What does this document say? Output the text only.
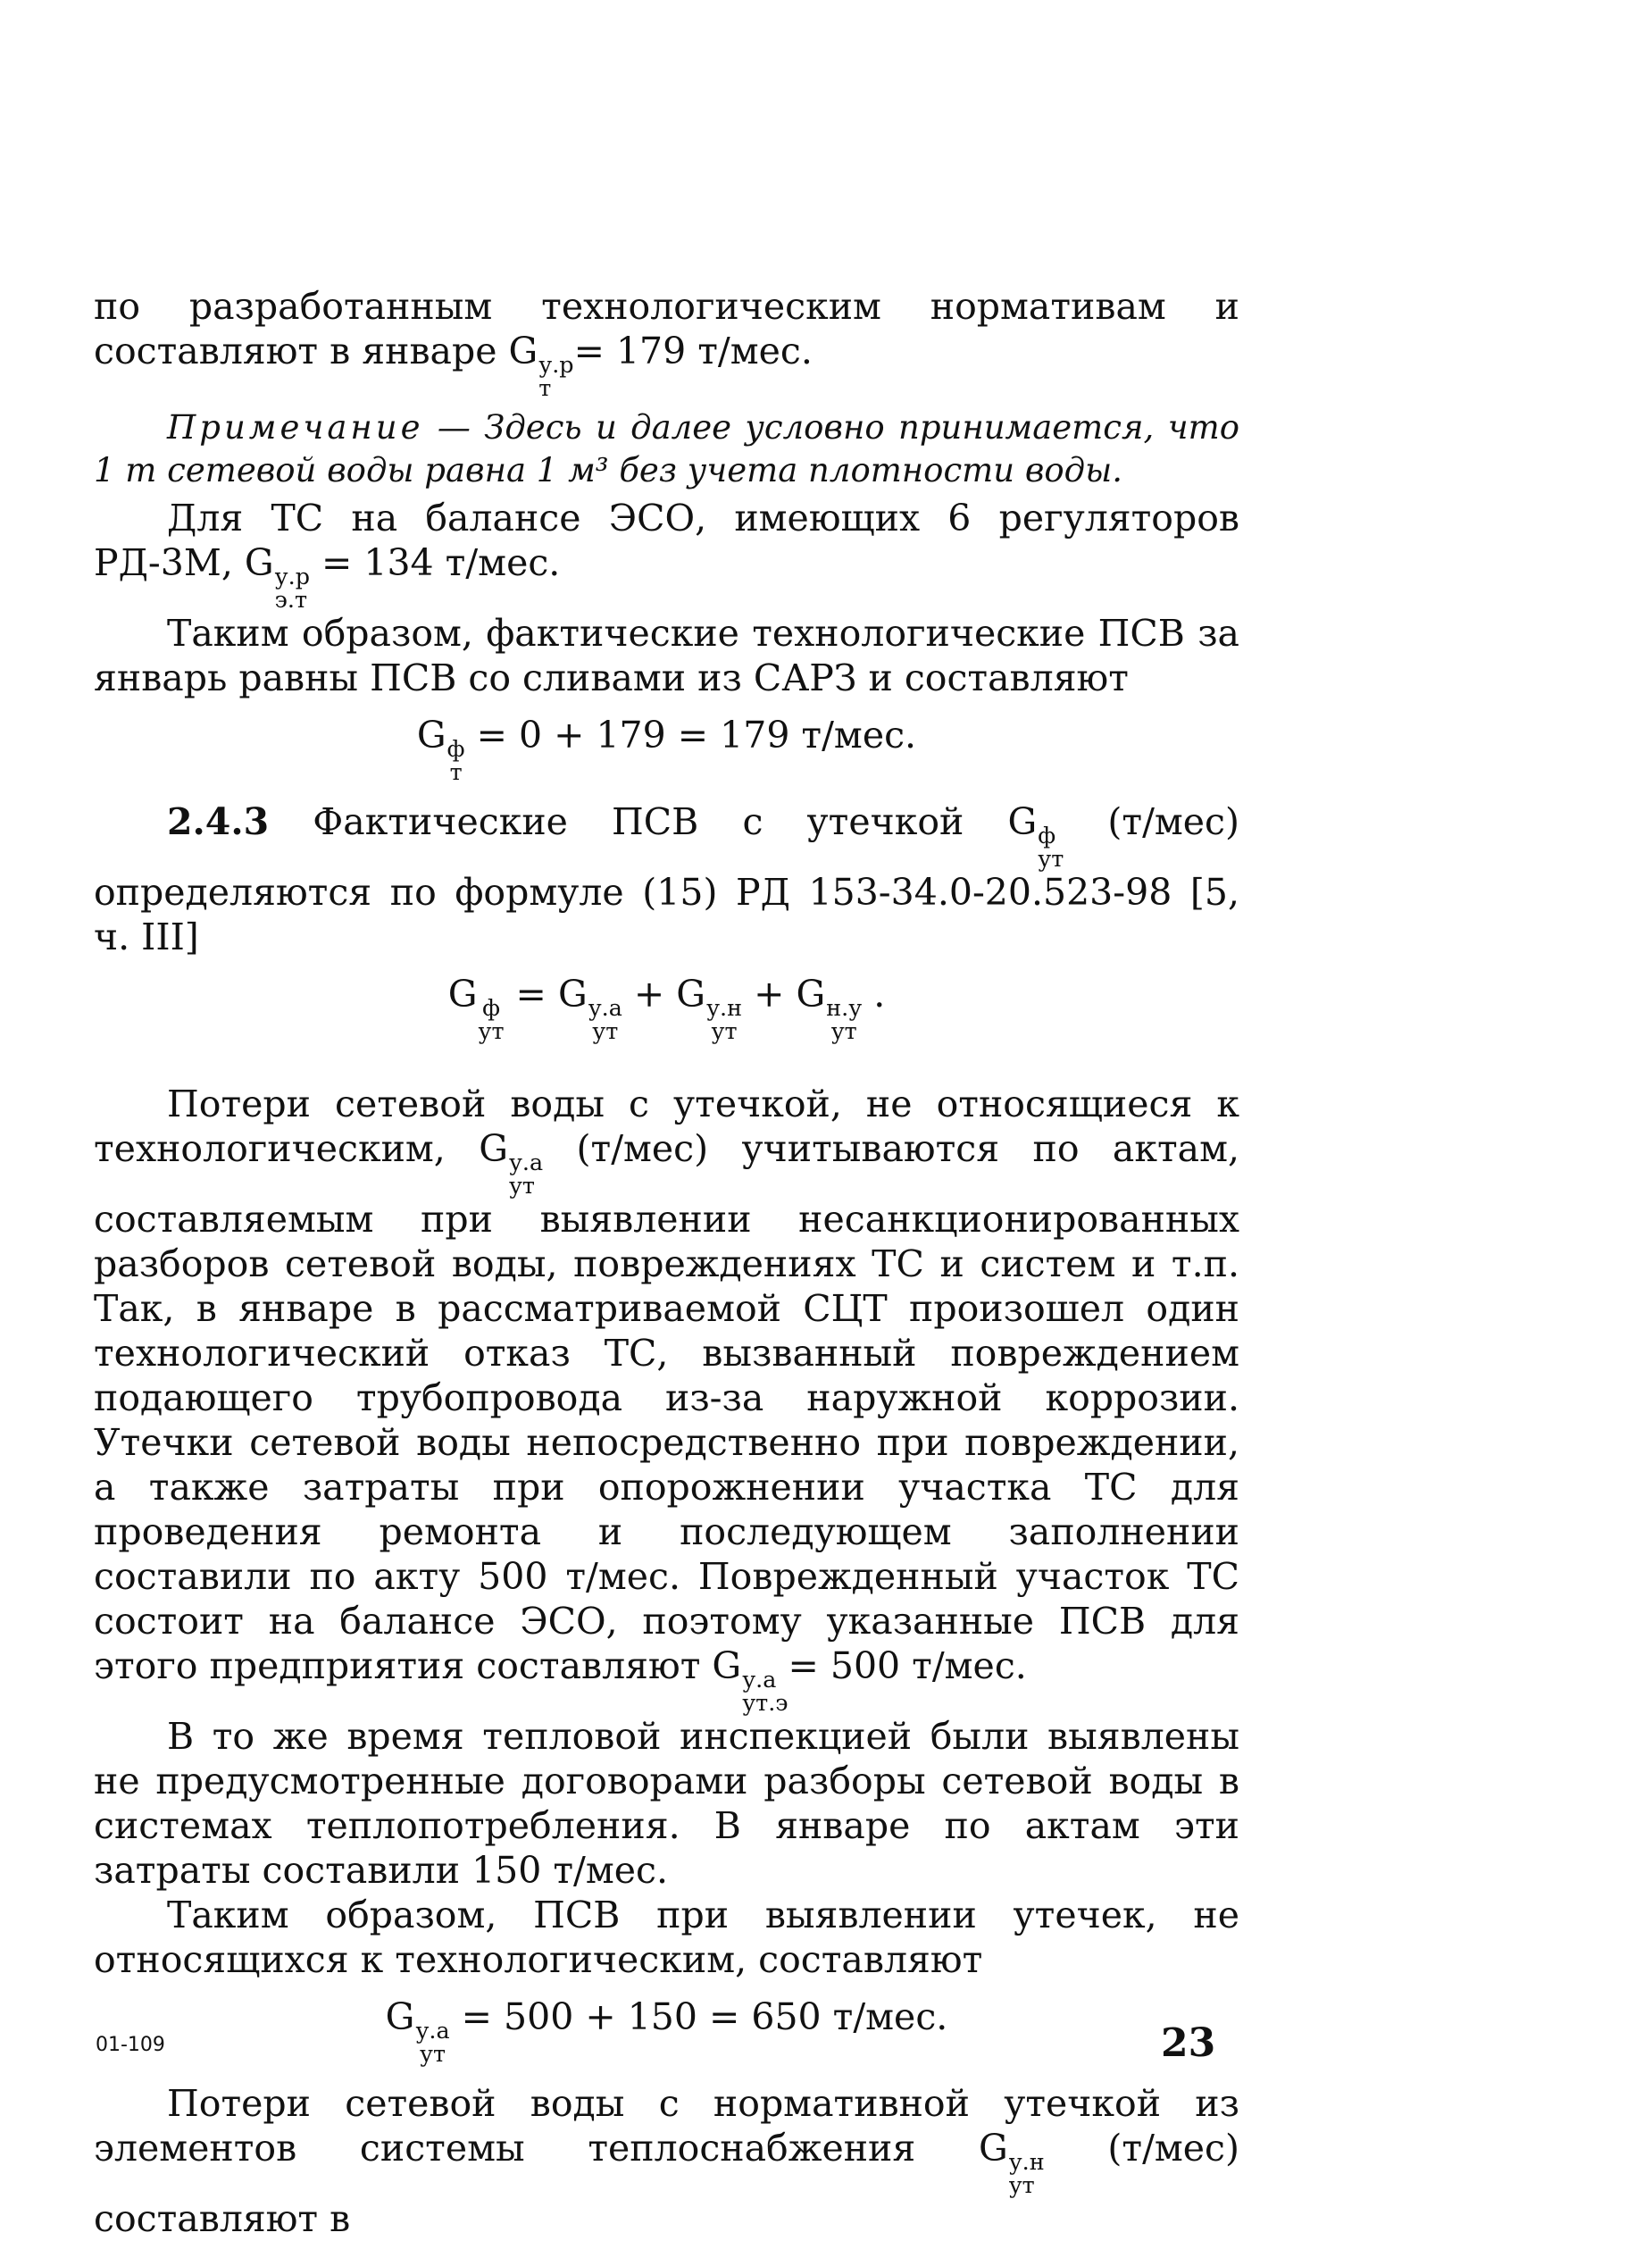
по разработанным технологическим нормативам и составляют в январе G у.р
т
= 179 т/мес.

Примечание — Здесь и далее условно принимается, что 1 т сетевой воды равна 1 м³ без учета плотности воды.

Для ТС на балансе ЭСО, имеющих 6 регуляторов РД-3М, G у.р
э.т
= 134 т/мес.

Таким образом, фактические технологические ПСВ за январь равны ПСВ со сливами из САРЗ и составляют

G ф
т
= 0 + 179 = 179 т/мес.

2.4.3 Фактические ПСВ с утечкой G ф
ут
(т/мес) определяются по формуле (15) РД 153-34.0-20.523-98 [5, ч. III]

G ф
ут
= G у.а
ут
+ G у.н
ут
+ G н.у
ут
.

Потери сетевой воды с утечкой, не относящиеся к технологическим, G у.а
ут
(т/мес) учитываются по актам, составляемым при выявлении несанкционированных разборов сетевой воды, повреждениях ТС и систем и т.п. Так, в январе в рассматриваемой СЦТ произошел один технологический отказ ТС, вызванный повреждением подающего трубопровода из-за наружной коррозии. Утечки сетевой воды непосредственно при повреждении, а также затраты при опорожнении участка ТС для проведения ремонта и последующем заполнении составили по акту 500 т/мес. Поврежденный участок ТС состоит на балансе ЭСО, поэтому указанные ПСВ для этого предприятия составляют G у.а
ут.э
= 500 т/мес.

В то же время тепловой инспекцией были выявлены не предусмотренные договорами разборы сетевой воды в системах теплопотребления. В январе по актам эти затраты составили 150 т/мес.

Таким образом, ПСВ при выявлении утечек, не относящихся к технологическим, составляют

G у.а
ут
= 500 + 150 = 650 т/мес.

Потери сетевой воды с нормативной утечкой из элементов системы теплоснабжения G у.н
ут
(т/мес) составляют в

01-109	23
